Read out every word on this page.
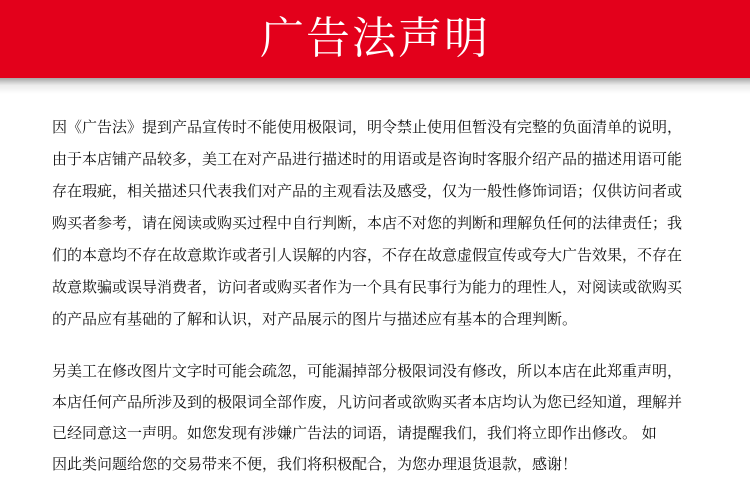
广告法声明

因《广告法》提到产品宣传时不能使用极限词，明令禁止使用但暂没有完整的负面清单的说明，
由于本店铺产品较多，美工在对产品进行描述时的用语或是咨询时客服介绍产品的描述用语可能
存在瑕疵，相关描述只代表我们对产品的主观看法及感受，仅为一般性修饰词语；仅供访问者或
购买者参考，请在阅读或购买过程中自行判断，本店不对您的判断和理解负任何的法律责任；我
们的本意均不存在故意欺诈或者引人误解的内容，不存在故意虚假宣传或夸大广告效果，不存在
故意欺骗或误导消费者，访问者或购买者作为一个具有民事行为能力的理性人，对阅读或欲购买
的产品应有基础的了解和认识，对产品展示的图片与描述应有基本的合理判断。

另美工在修改图片文字时可能会疏忽，可能漏掉部分极限词没有修改，所以本店在此郑重声明，
本店任何产品所涉及到的极限词全部作废，凡访问者或欲购买者本店均认为您已经知道，理解并
已经同意这一声明。如您发现有涉嫌广告法的词语，请提醒我们，我们将立即作出修改。 如
因此类问题给您的交易带来不便，我们将积极配合，为您办理退货退款，感谢！
